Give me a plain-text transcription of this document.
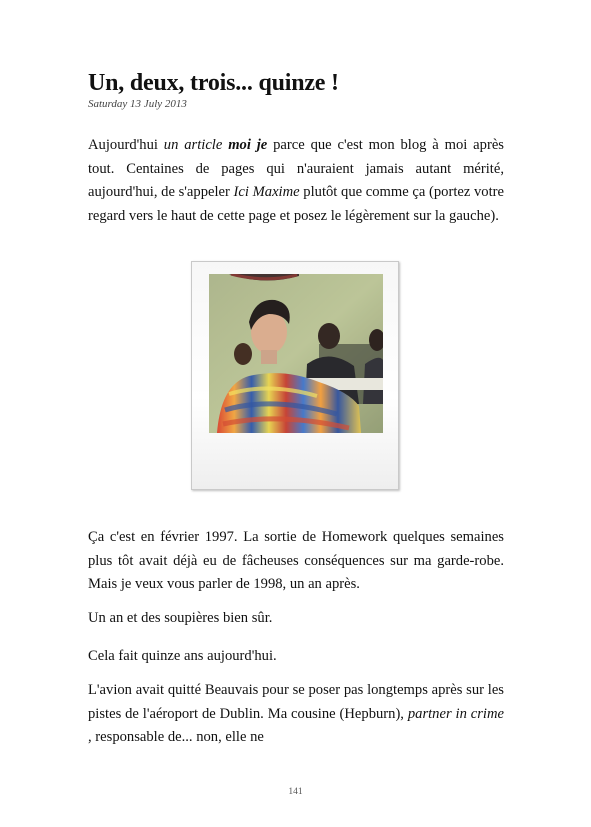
Un, deux, trois... quinze !

Saturday 13 July 2013

Aujourd'hui un article moi je parce que c'est mon blog à moi après tout. Centaines de pages qui n'auraient jamais autant mérité, aujourd'hui, de s'appeler Ici Maxime plutôt que comme ça (portez votre regard vers le haut de cette page et posez le légèrement sur la gauche).

Ça c'est en février 1997. La sortie de Homework quelques semaines plus tôt avait déjà eu de fâcheuses conséquences sur ma garde-robe. Mais je veux vous parler de 1998, un an après.

Un an et des soupières bien sûr.

Cela fait quinze ans aujourd'hui.

L'avion avait quitté Beauvais pour se poser pas longtemps après sur les pistes de l'aéroport de Dublin. Ma cousine (Hepburn), partner in crime , responsable de... non, elle ne

141
